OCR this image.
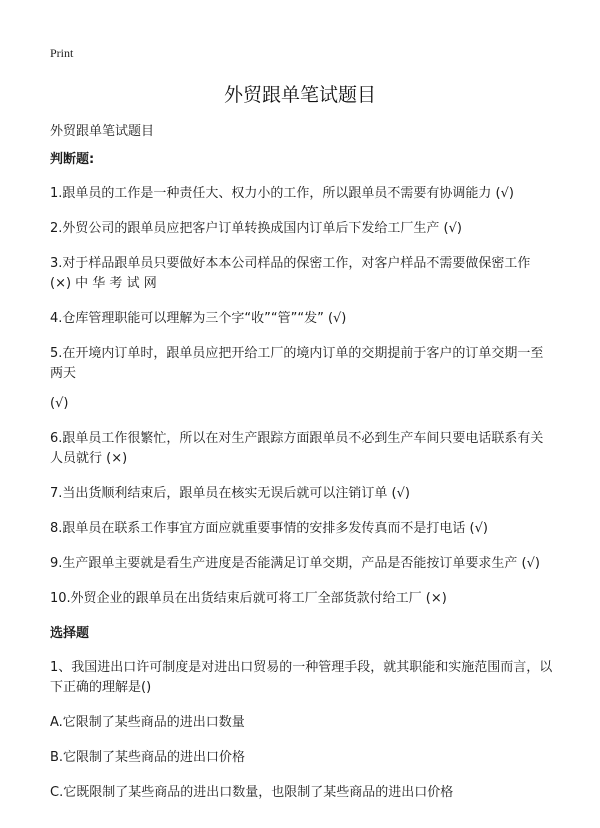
Print
外贸跟单笔试题目
外贸跟单笔试题目
判断题:
1.跟单员的工作是一种责任大、权力小的工作，所以跟单员不需要有协调能力 (√)
2.外贸公司的跟单员应把客户订单转换成国内订单后下发给工厂生产 (√)
3.对于样品跟单员只要做好本本公司样品的保密工作，对客户样品不需要做保密工作 (×) 中 华 考 试 网
4.仓库管理职能可以理解为三个字“收”“管”“发” (√)
5.在开境内订单时，跟单员应把开给工厂的境内订单的交期提前于客户的订单交期一至两天
(√)
6.跟单员工作很繁忙，所以在对生产跟踪方面跟单员不必到生产车间只要电话联系有关人员就行 (×)
7.当出货顺利结束后，跟单员在核实无误后就可以注销订单 (√)
8.跟单员在联系工作事宜方面应就重要事情的安排多发传真而不是打电话 (√)
9.生产跟单主要就是看生产进度是否能满足订单交期，产品是否能按订单要求生产 (√)
10.外贸企业的跟单员在出货结束后就可将工厂全部货款付给工厂 (×)
选择题
1、我国进出口许可制度是对进出口贸易的一种管理手段，就其职能和实施范围而言，以下正确的理解是()
A.它限制了某些商品的进出口数量
B.它限制了某些商品的进出口价格
C.它既限制了某些商品的进出口数量，也限制了某些商品的进出口价格
